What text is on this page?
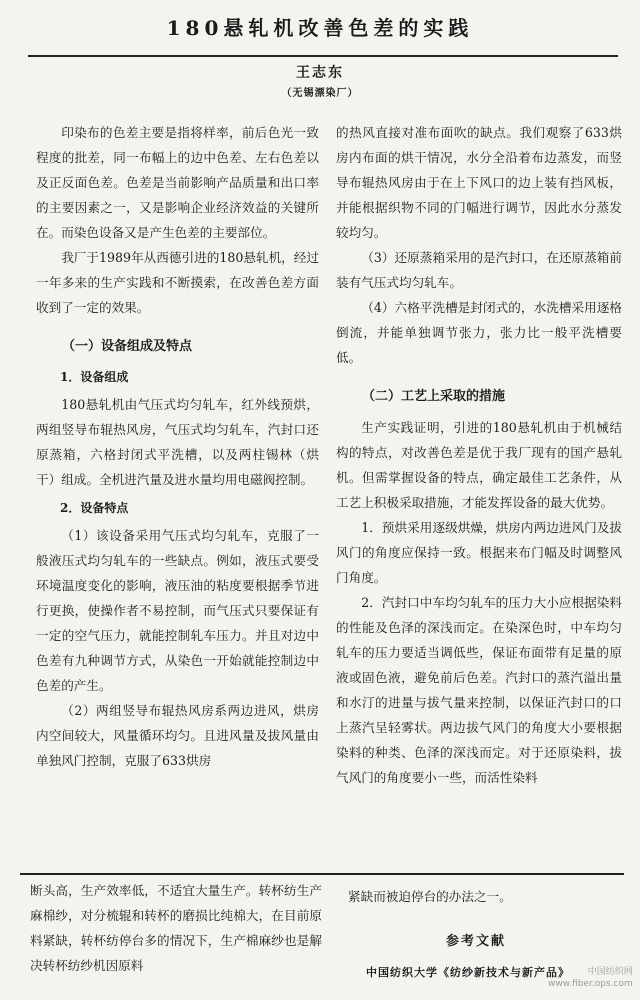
180悬轧机改善色差的实践
王志东
（无锡漂染厂）

印染布的色差主要是指将样率，前后色光一致程度的批差，同一布幅上的边中色差、左右色差以及正反面色差。色差是当前影响产品质量和出口率的主要因素之一，又是影响企业经济效益的关键所在。而染色设备又是产生色差的主要部位。

我厂于1989年从西德引进的180悬轧机，经过一年多来的生产实践和不断摸索，在改善色差方面收到了一定的效果。

（一）设备组成及特点
1．设备组成

180悬轧机由气压式均匀轧车，红外线预烘，两组竖导布辊热风房，气压式均匀轧车，汽封口还原蒸箱，六格封闭式平洗槽，以及两柱锡林（烘干）组成。全机进汽量及进水量均用电磁阀控制。

2．设备特点

（1）该设备采用气压式均匀轧车，克服了一般液压式均匀轧车的一些缺点。例如，液压式要受环境温度变化的影响，液压油的粘度要根据季节进行更换，使操作者不易控制，而气压式只要保证有一定的空气压力，就能控制轧车压力。并且对边中色差有九种调节方式，从染色一开始就能控制边中色差的产生。

（2）两组竖导布辊热风房系两边进风，烘房内空间较大，风量循环均匀。且进风量及拔风量由单独风门控制，克服了633烘房

的热风直接对准布面吹的缺点。我们观察了633烘房内布面的烘干情况，水分全沿着布边蒸发，而竖导布辊热风房由于在上下风口的边上装有挡风板，并能根据织物不同的门幅进行调节，因此水分蒸发较均匀。

（3）还原蒸箱采用的是汽封口，在还原蒸箱前装有气压式均匀轧车。

（4）六格平洗槽是封闭式的，水洗槽采用逐格倒流，并能单独调节张力，张力比一般平洗槽要低。

（二）工艺上采取的措施

生产实践证明，引进的180悬轧机由于机械结构的特点，对改善色差是优于我厂现有的国产悬轧机。但需掌握设备的特点，确定最佳工艺条件，从工艺上积极采取措施，才能发挥设备的最大优势。

1．预烘采用逐级烘燥，烘房内两边进风门及拔风门的角度应保持一致。根据来布门幅及时调整风门角度。

2．汽封口中车均匀轧车的压力大小应根据染料的性能及色泽的深浅而定。在染深色时，中车均匀轧车的压力要适当调低些，保证布面带有足量的原液或固色液，避免前后色差。汽封口的蒸汽溢出量和水汀的进量与拔气量来控制，以保证汽封口的口上蒸汽呈轻雾状。两边拔气风门的角度大小要根据染料的种类、色泽的深浅而定。对于还原染料，拔气风门的角度要小一些，而活性染料

断头高，生产效率低，不适宜大量生产。转杯纺生产麻棉纱，对分梳辊和转杯的磨损比纯棉大，在目前原料紧缺，转杯纺停台多的情况下，生产棉麻纱也是解决转杯纺纱机因原料

紧缺而被迫停台的办法之一。

参考文献
中国纺织大学《纺纱新技术与新产品》	中国纺织网
www.fiber.ops.com
